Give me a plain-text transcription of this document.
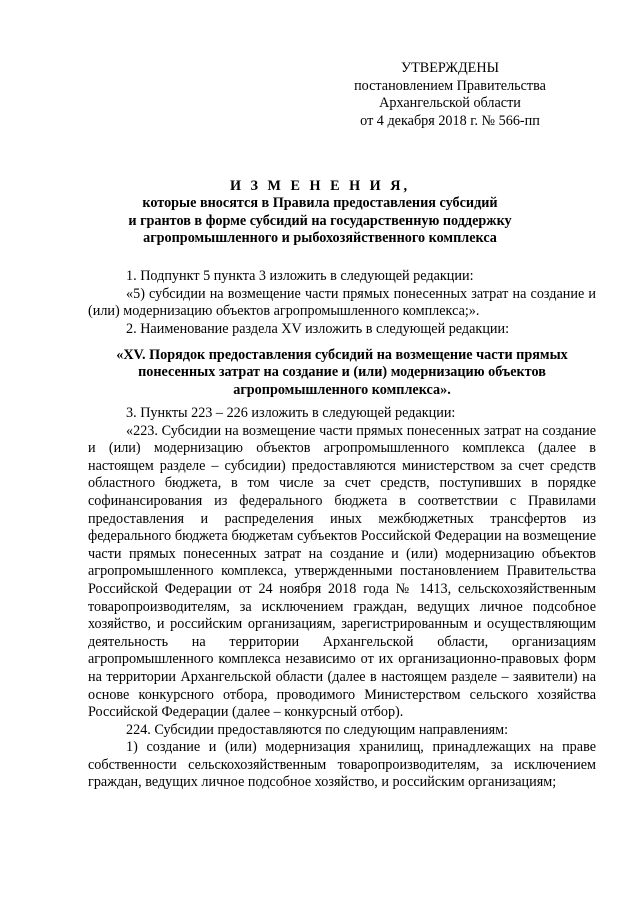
УТВЕРЖДЕНЫ
постановлением Правительства
Архангельской области
от 4 декабря 2018 г. № 566-пп
И З М Е Н Е Н И Я,
которые вносятся в Правила предоставления субсидий
и грантов в форме субсидий на государственную поддержку
агропромышленного и рыбохозяйственного комплекса

1. Подпункт 5 пункта 3 изложить в следующей редакции:

«5) субсидии на возмещение части прямых понесенных затрат на создание и (или) модернизацию объектов агропромышленного комплекса;».

2. Наименование раздела XV изложить в следующей редакции:

«XV. Порядок предоставления субсидий на возмещение части прямых
понесенных затрат на создание и (или) модернизацию объектов
агропромышленного комплекса».

3. Пункты 223 – 226 изложить в следующей редакции:

«223. Субсидии на возмещение части прямых понесенных затрат на создание и (или) модернизацию объектов агропромышленного комплекса (далее в настоящем разделе – субсидии) предоставляются министерством за счет средств областного бюджета, в том числе за счет средств, поступивших в порядке софинансирования из федерального бюджета в соответствии с Правилами предоставления и распределения иных межбюджетных трансфертов из федерального бюджета бюджетам субъектов Российской Федерации на возмещение части прямых понесенных затрат на создание и (или) модернизацию объектов агропромышленного комплекса, утвержденными постановлением Правительства Российской Федерации от 24 ноября 2018 года № 1413, сельскохозяйственным товаропроизводителям, за исключением граждан, ведущих личное подсобное хозяйство, и российским организациям, зарегистрированным и осуществляющим деятельность на территории Архангельской области, организациям агропромышленного комплекса независимо от их организационно-правовых форм на территории Архангельской области (далее в настоящем разделе – заявители) на основе конкурсного отбора, проводимого Министерством сельского хозяйства Российской Федерации (далее – конкурсный отбор).

224. Субсидии предоставляются по следующим направлениям:

1) создание и (или) модернизация хранилищ, принадлежащих на праве собственности сельскохозяйственным товаропроизводителям, за исключением граждан, ведущих личное подсобное хозяйство, и российским организациям;
